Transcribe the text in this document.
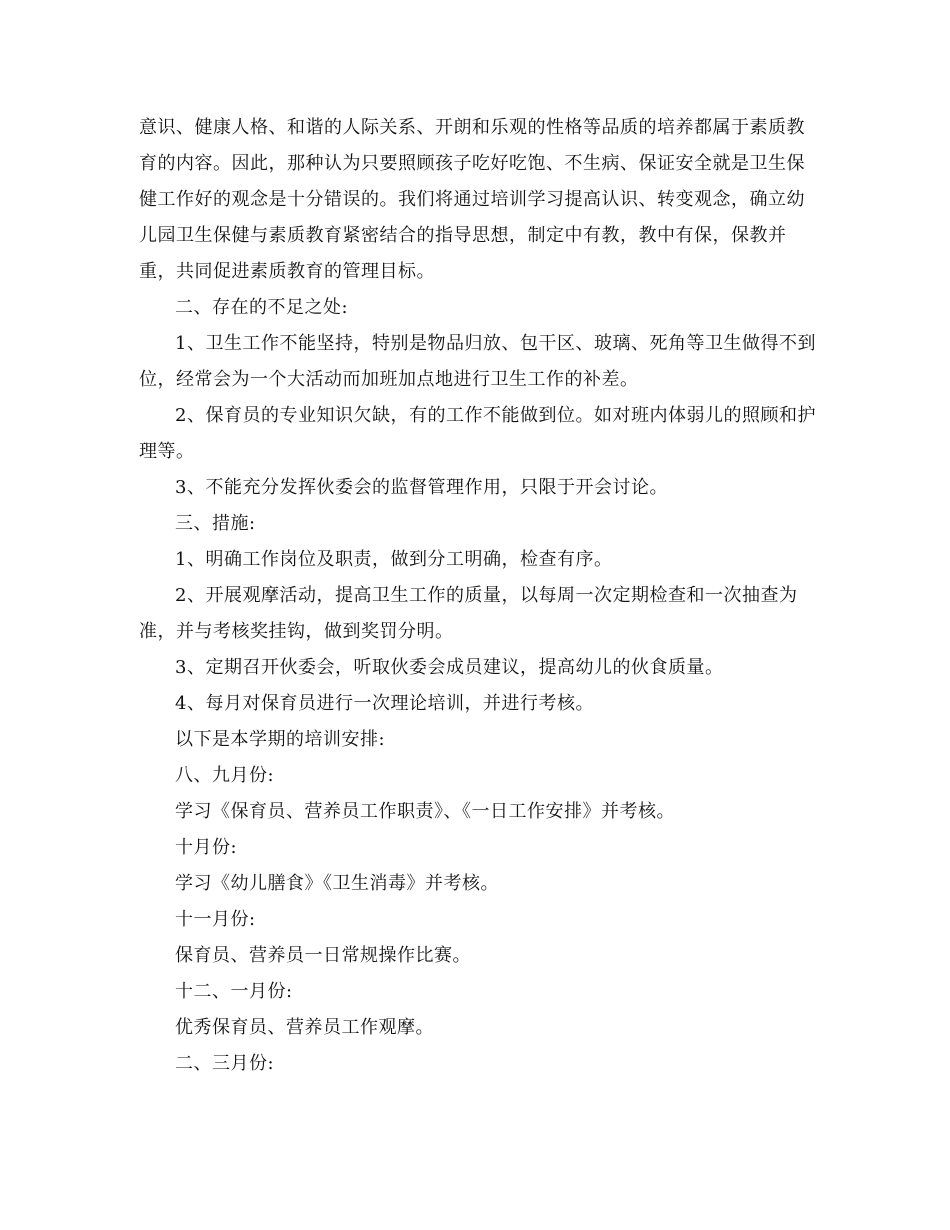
意识、健康人格、和谐的人际关系、开朗和乐观的性格等品质的培养都属于素质教育的内容。因此，那种认为只要照顾孩子吃好吃饱、不生病、保证安全就是卫生保健工作好的观念是十分错误的。我们将通过培训学习提高认识、转变观念，确立幼儿园卫生保健与素质教育紧密结合的指导思想，制定中有教，教中有保，保教并重，共同促进素质教育的管理目标。

二、存在的不足之处:

1、卫生工作不能坚持，特别是物品归放、包干区、玻璃、死角等卫生做得不到位，经常会为一个大活动而加班加点地进行卫生工作的补差。

2、保育员的专业知识欠缺，有的工作不能做到位。如对班内体弱儿的照顾和护理等。

3、不能充分发挥伙委会的监督管理作用，只限于开会讨论。

三、措施:

1、明确工作岗位及职责，做到分工明确，检查有序。

2、开展观摩活动，提高卫生工作的质量，以每周一次定期检查和一次抽查为准，并与考核奖挂钩，做到奖罚分明。

3、定期召开伙委会，听取伙委会成员建议，提高幼儿的伙食质量。

4、每月对保育员进行一次理论培训，并进行考核。

以下是本学期的培训安排:

八、九月份:

学习《保育员、营养员工作职责》、《一日工作安排》并考核。

十月份:

学习《幼儿膳食》《卫生消毒》并考核。

十一月份:

保育员、营养员一日常规操作比赛。

十二、一月份:

优秀保育员、营养员工作观摩。

二、三月份:
